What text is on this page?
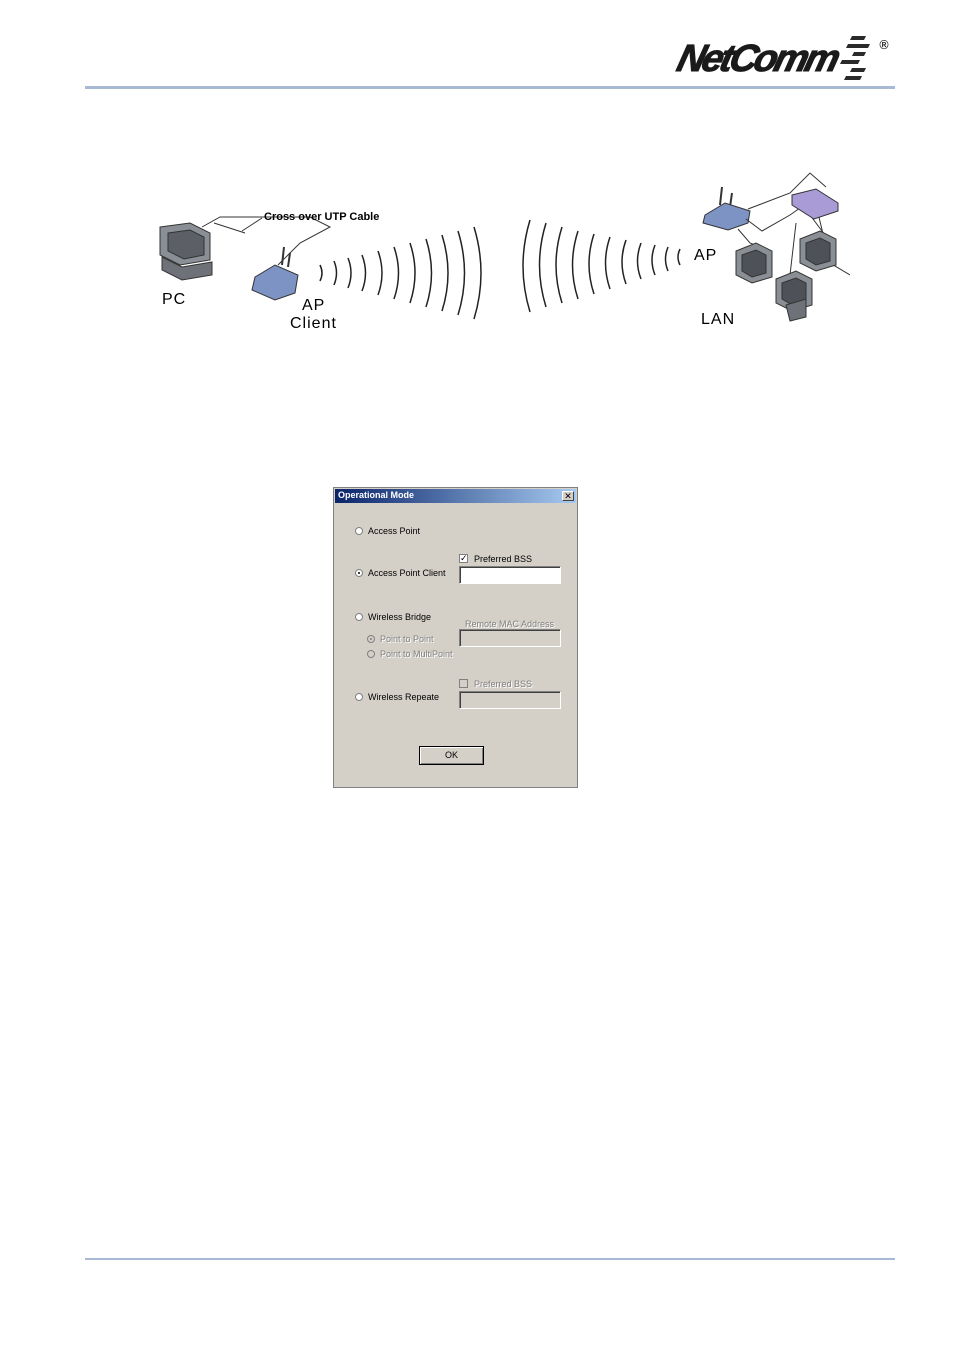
NetComm	®
Cross over UTP Cable
PC	AP
Client
AP
LAN
Operational Mode	✕
Access Point
✓ Preferred BSS
Access Point Client
Wireless Bridge
Remote MAC Address
Point to Point
Point to MultiPoint
Preferred BSS
Wireless Repeate
OK
